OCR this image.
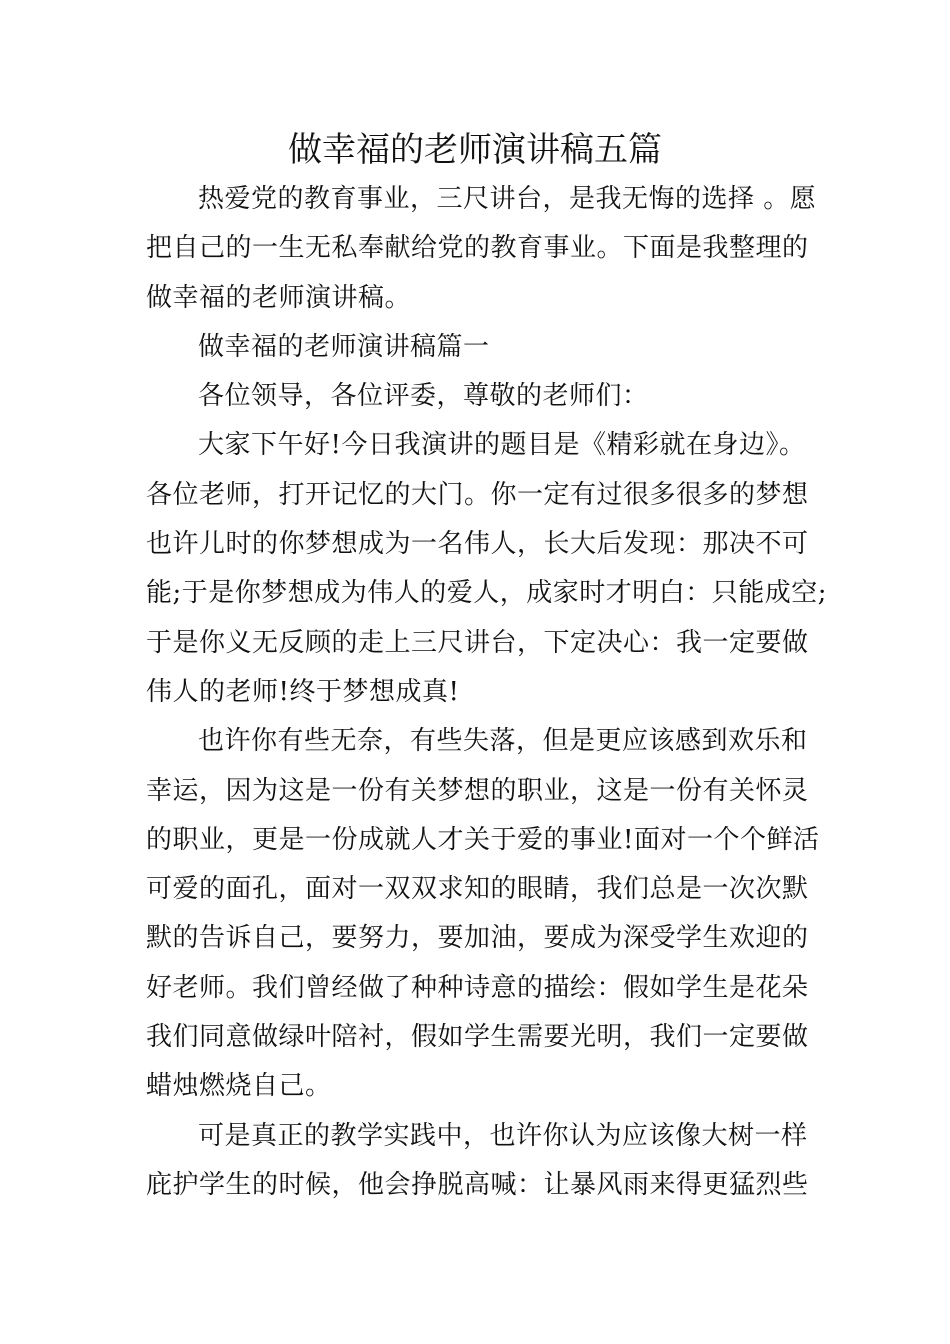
做幸福的老师演讲稿五篇
热爱党的教育事业，三尺讲台，是我无悔的选择 。愿
把自己的一生无私奉献给党的教育事业。下面是我整理的
做幸福的老师演讲稿。
做幸福的老师演讲稿篇一
各位领导，各位评委，尊敬的老师们：
大家下午好!今日我演讲的题目是《精彩就在身边》。
各位老师，打开记忆的大门。你一定有过很多很多的梦想
也许儿时的你梦想成为一名伟人，长大后发现：那决不可
能;于是你梦想成为伟人的爱人，成家时才明白：只能成空;
于是你义无反顾的走上三尺讲台，下定决心：我一定要做
伟人的老师!终于梦想成真!
也许你有些无奈，有些失落，但是更应该感到欢乐和
幸运，因为这是一份有关梦想的职业，这是一份有关怀灵
的职业，更是一份成就人才关于爱的事业!面对一个个鲜活
可爱的面孔，面对一双双求知的眼睛，我们总是一次次默
默的告诉自己，要努力，要加油，要成为深受学生欢迎的
好老师。我们曾经做了种种诗意的描绘：假如学生是花朵
我们同意做绿叶陪衬，假如学生需要光明，我们一定要做
蜡烛燃烧自己。
可是真正的教学实践中，也许你认为应该像大树一样
庇护学生的时候，他会挣脱高喊：让暴风雨来得更猛烈些
